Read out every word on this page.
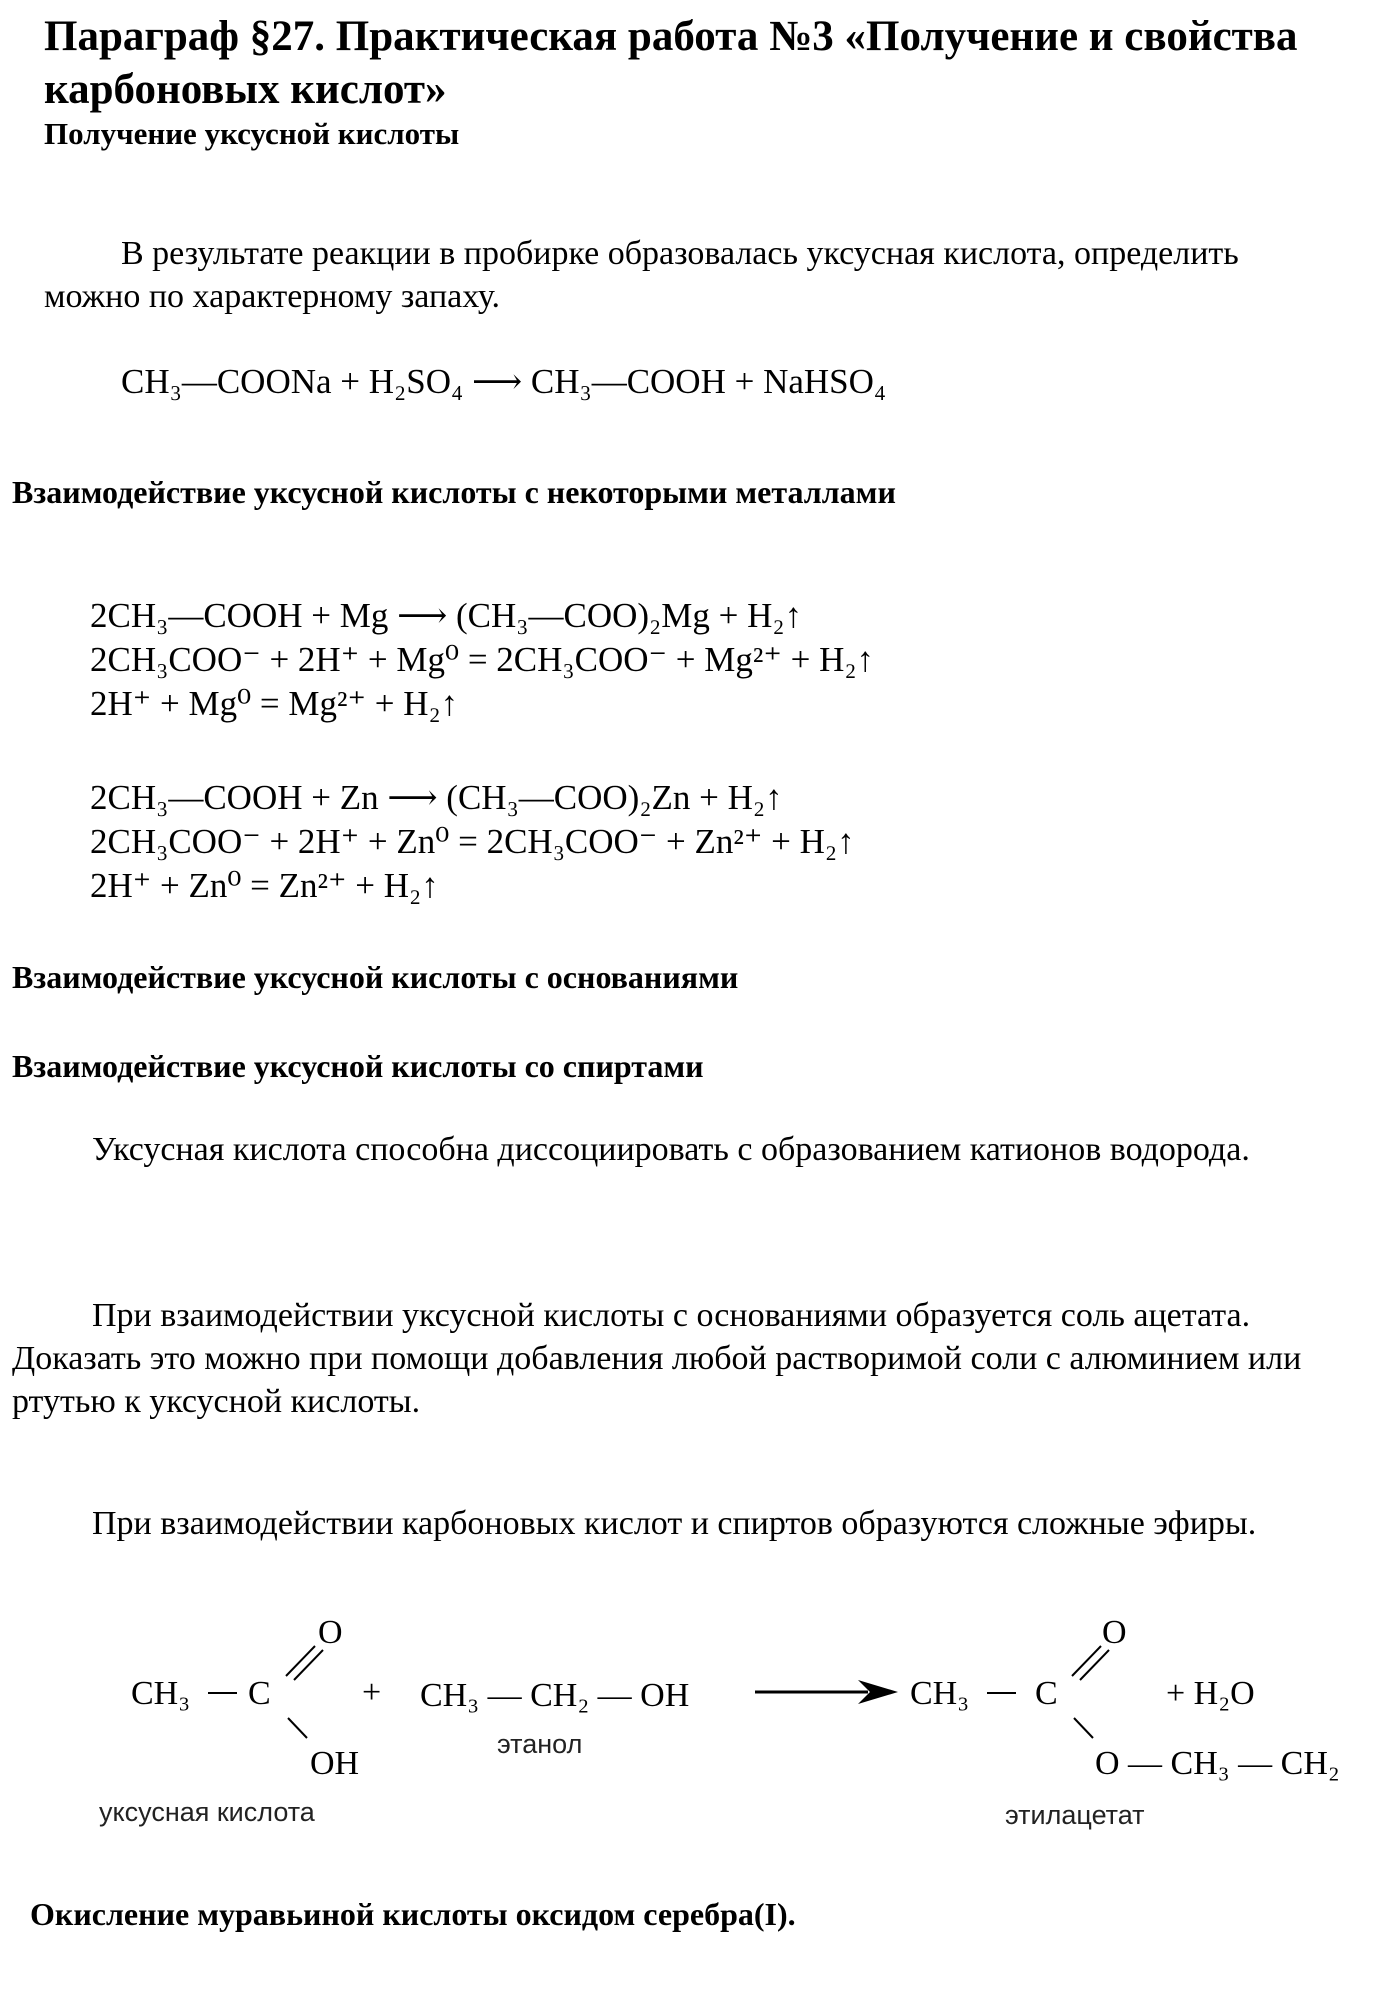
Параграф §27. Практическая работа №3 «Получение и свойства карбоновых кислот»
Получение уксусной кислоты

В результате реакции в пробирке образовалась уксусная кислота, определить можно по характерному запаху.

CH₃—COONa + H₂SO₄ ⟶ CH₃—COOH + NaHSO₄
Взаимодействие уксусной кислоты с некоторыми металлами
2CH₃—COOH + Mg ⟶ (CH₃—COO)₂Mg + H₂↑
2CH₃COO⁻ + 2H⁺ + Mg⁰ = 2CH₃COO⁻ + Mg²⁺ + H₂↑
2H⁺ + Mg⁰ = Mg²⁺ + H₂↑
2CH₃—COOH + Zn ⟶ (CH₃—COO)₂Zn + H₂↑
2CH₃COO⁻ + 2H⁺ + Zn⁰ = 2CH₃COO⁻ + Zn²⁺ + H₂↑
2H⁺ + Zn⁰ = Zn²⁺ + H₂↑
Взаимодействие уксусной кислоты с основаниями
Взаимодействие уксусной кислоты со спиртами

Уксусная кислота способна диссоциировать с образованием катионов водорода.

При взаимодействии уксусной кислоты с основаниями образуется соль ацетата. Доказать это можно при помощи добавления любой растворимой соли с алюминием или ртутью к уксусной кислоты.

При взаимодействии карбоновых кислот и спиртов образуются сложные эфиры.

CH₃ C
O
OH
уксусная кислота
+ CH₃ — CH₂ — OH
этанол
CH₃ C
O
O — CH₃ — CH₂
этилацетат
+ H₂O
Окисление муравьиной кислоты оксидом серебра(I).
